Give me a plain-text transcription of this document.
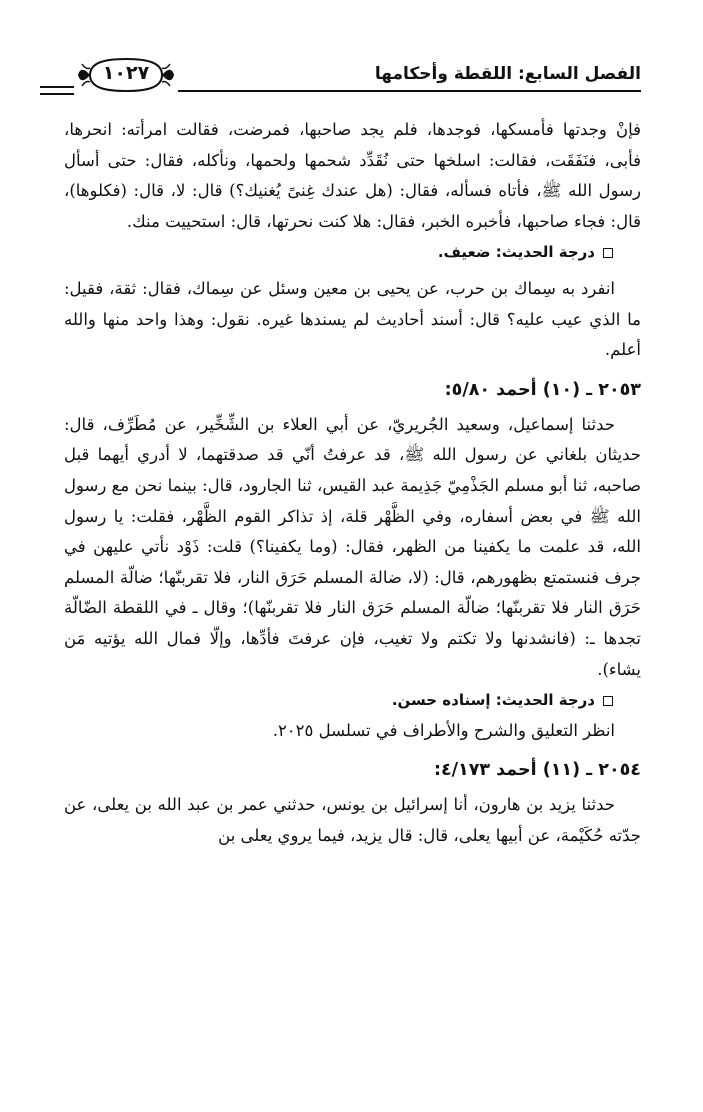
الفصل السابع: اللقطة وأحكامها
١٠٢٧

فإنْ وجدتها فأمسكها، فوجدها، فلم يجد صاحبها، فمرضت، فقالت امرأته: انحرها، فأبى، فنَفَقَت، فقالت: اسلخها حتى نُقَدِّد شحمها ولحمها، ونأكله، فقال: حتى أسأل رسول الله ﷺ، فأتاه فسأله، فقال: (هل عندك غِنىً يُغنيك؟) قال: لا، قال: (فكلوها)، قال: فجاء صاحبها، فأخبره الخبر، فقال: هلا كنت نحرتها، قال: استحييت منك.

درجة الحديث: ضعيف.

انفرد به سِماك بن حرب، عن يحيى بن معين وسئل عن سِماك، فقال: ثقة، فقيل: ما الذي عيب عليه؟ قال: أسند أحاديث لم يسندها غيره. نقول: وهذا واحد منها والله أعلم.

٢٠٥٣ ـ (١٠) أحمد ٥/٨٠:

حدثنا إسماعيل، وسعيد الجُريريّ، عن أبي العلاء بن الشِّخِّير، عن مُطَرِّف، قال: حديثان بلغاني عن رسول الله ﷺ، قد عرفتُ أنّي قد صدقتهما، لا أدري أيهما قبل صاحبه، ثنا أبو مسلم الجَذْمِيّ جَذِيمة عبد القيس، ثنا الجارود، قال: بينما نحن مع رسول الله ﷺ في بعض أسفاره، وفي الظَّهْر قلة، إذ تذاكر القوم الظَّهْر، فقلت: يا رسول الله، قد علمت ما يكفينا من الظهر، فقال: (وما يكفينا؟) قلت: ذَوْد نأتي عليهن في جرف فنستمتع بظهورهم، قال: (لا، ضالة المسلم حَرَق النار، فلا تقربنّها؛ ضالّة المسلم حَرَق النار فلا تقربنّها؛ ضالّة المسلم حَرَق النار فلا تقربنّها)؛ وقال ـ في اللقطة الضّالّة تجدها ـ: (فانشدنها ولا تكتم ولا تغيب، فإن عرفتَ فأدِّها، وإلّا فمال الله يؤتيه مَن يشاء).

درجة الحديث: إسناده حسن.

انظر التعليق والشرح والأطراف في تسلسل ٢٠٢٥.

٢٠٥٤ ـ (١١) أحمد ٤/١٧٣:

حدثنا يزيد بن هارون، أنا إسرائيل بن يونس، حدثني عمر بن عبد الله بن يعلى، عن جدّته حُكَيْمة، عن أبيها يعلى، قال: قال يزيد، فيما يروي يعلى بن
